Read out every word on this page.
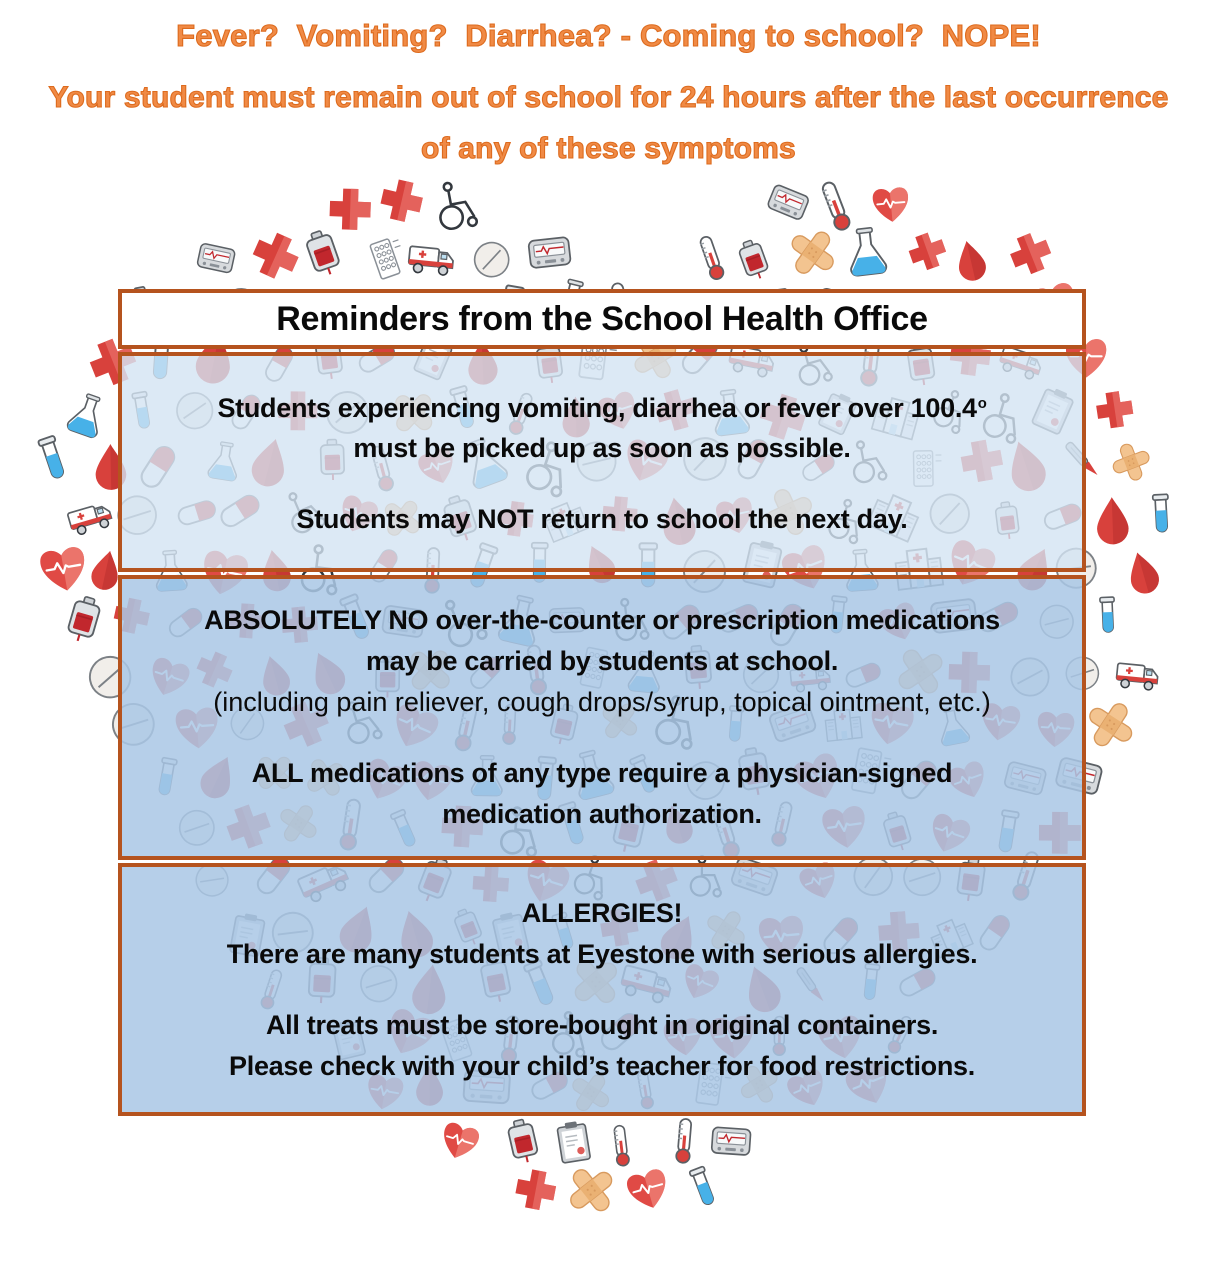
Fever?  Vomiting?  Diarrhea? - Coming to school?  NOPE!
Your student must remain out of school for 24 hours after the last occurrence
of any of these symptoms
Reminders from the School Health Office
Students experiencing vomiting, diarrhea or fever over 100.4$^o$
must be picked up as soon as possible.
Students may NOT return to school the next day.
ABSOLUTELY NO over-the-counter or prescription medications
may be carried by students at school.
(including pain reliever, cough drops/syrup, topical ointment, etc.)
ALL medications of any type require a physician-signed
medication authorization.
ALLERGIES!
There are many students at Eyestone with serious allergies.
All treats must be store-bought in original containers.
Please check with your child’s teacher for food restrictions.
